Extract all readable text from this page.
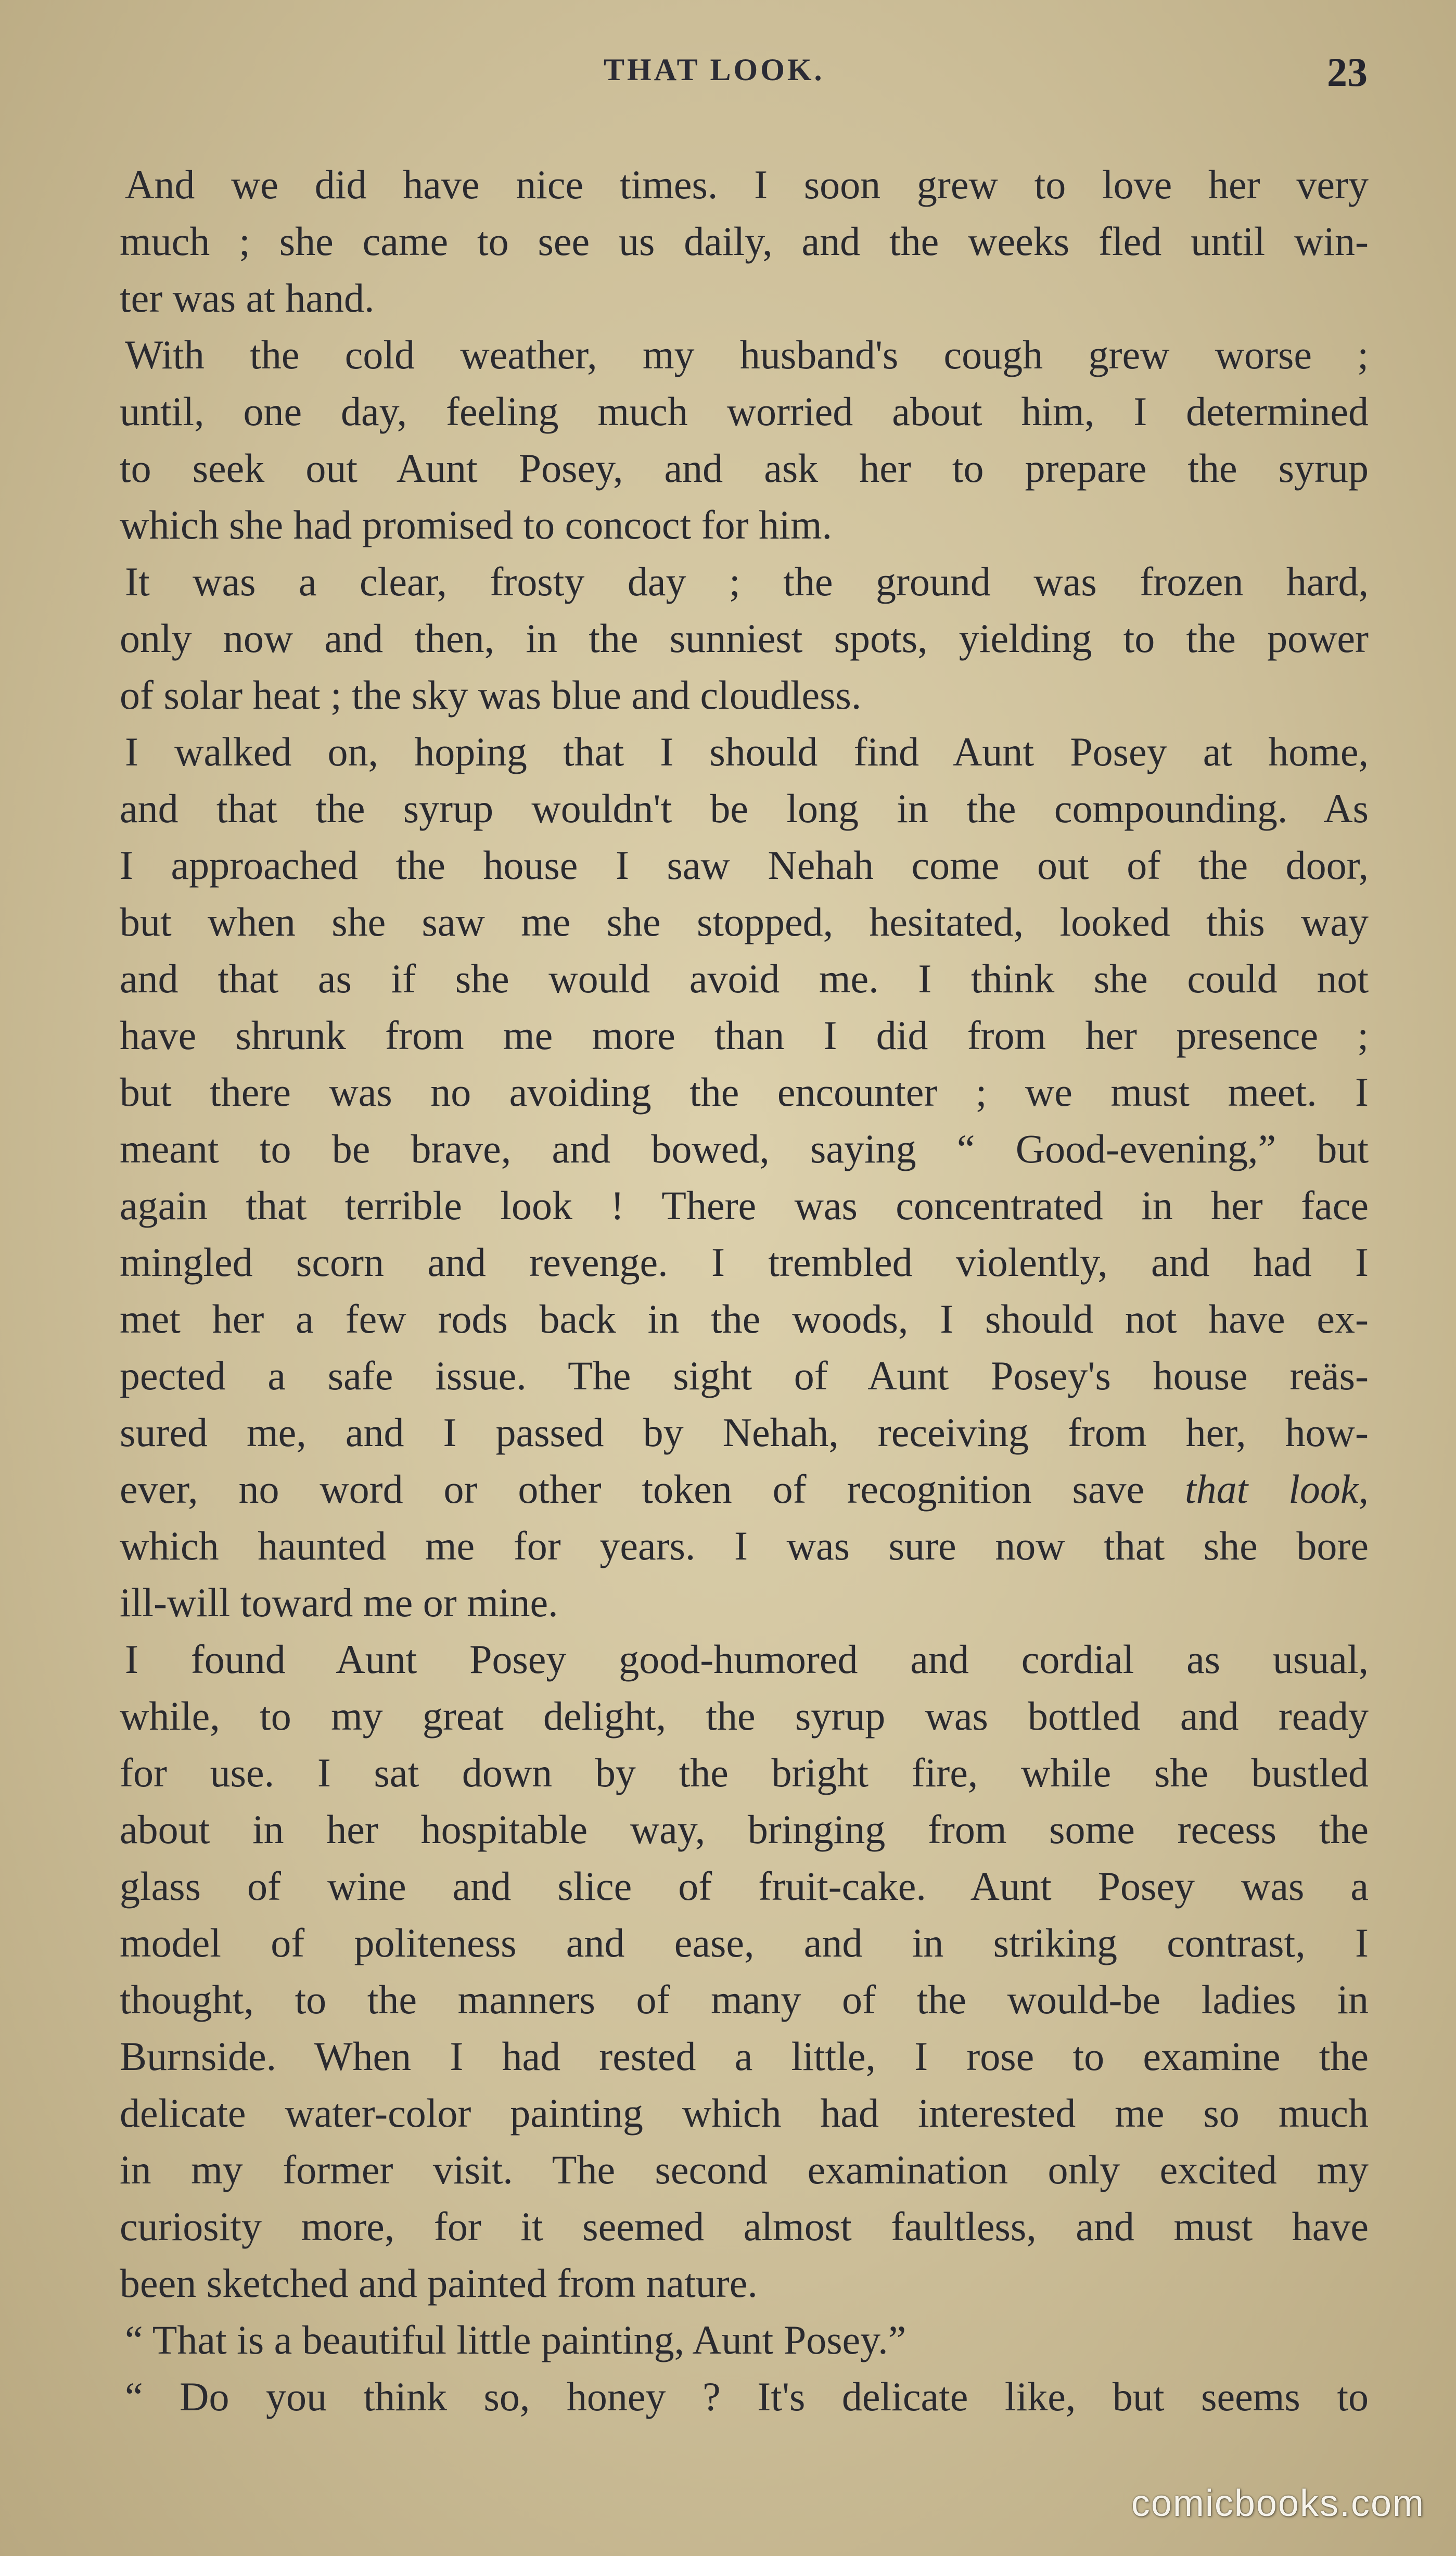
THAT LOOK.	23
And we did have nice times. I soon grew to love her very
much ; she came to see us daily, and the weeks fled until win-
ter was at hand.
With the cold weather, my husband's cough grew worse ;
until, one day, feeling much worried about him, I determined
to seek out Aunt Posey, and ask her to prepare the syrup
which she had promised to concoct for him.
It was a clear, frosty day ; the ground was frozen hard,
only now and then, in the sunniest spots, yielding to the power
of solar heat ; the sky was blue and cloudless.
I walked on, hoping that I should find Aunt Posey at home,
and that the syrup wouldn't be long in the compounding. As
I approached the house I saw Nehah come out of the door,
but when she saw me she stopped, hesitated, looked this way
and that as if she would avoid me. I think she could not
have shrunk from me more than I did from her presence ;
but there was no avoiding the encounter ; we must meet. I
meant to be brave, and bowed, saying “ Good-evening,” but
again that terrible look ! There was concentrated in her face
mingled scorn and revenge. I trembled violently, and had I
met her a few rods back in the woods, I should not have ex-
pected a safe issue. The sight of Aunt Posey's house reäs-
sured me, and I passed by Nehah, receiving from her, how-
ever, no word or other token of recognition save that look,
which haunted me for years. I was sure now that she bore
ill-will toward me or mine.
I found Aunt Posey good-humored and cordial as usual,
while, to my great delight, the syrup was bottled and ready
for use. I sat down by the bright fire, while she bustled
about in her hospitable way, bringing from some recess the
glass of wine and slice of fruit-cake. Aunt Posey was a
model of politeness and ease, and in striking contrast, I
thought, to the manners of many of the would-be ladies in
Burnside. When I had rested a little, I rose to examine the
delicate water-color painting which had interested me so much
in my former visit. The second examination only excited my
curiosity more, for it seemed almost faultless, and must have
been sketched and painted from nature.
“ That is a beautiful little painting, Aunt Posey.”
“ Do you think so, honey ? It's delicate like, but seems to
comicbooks.com
